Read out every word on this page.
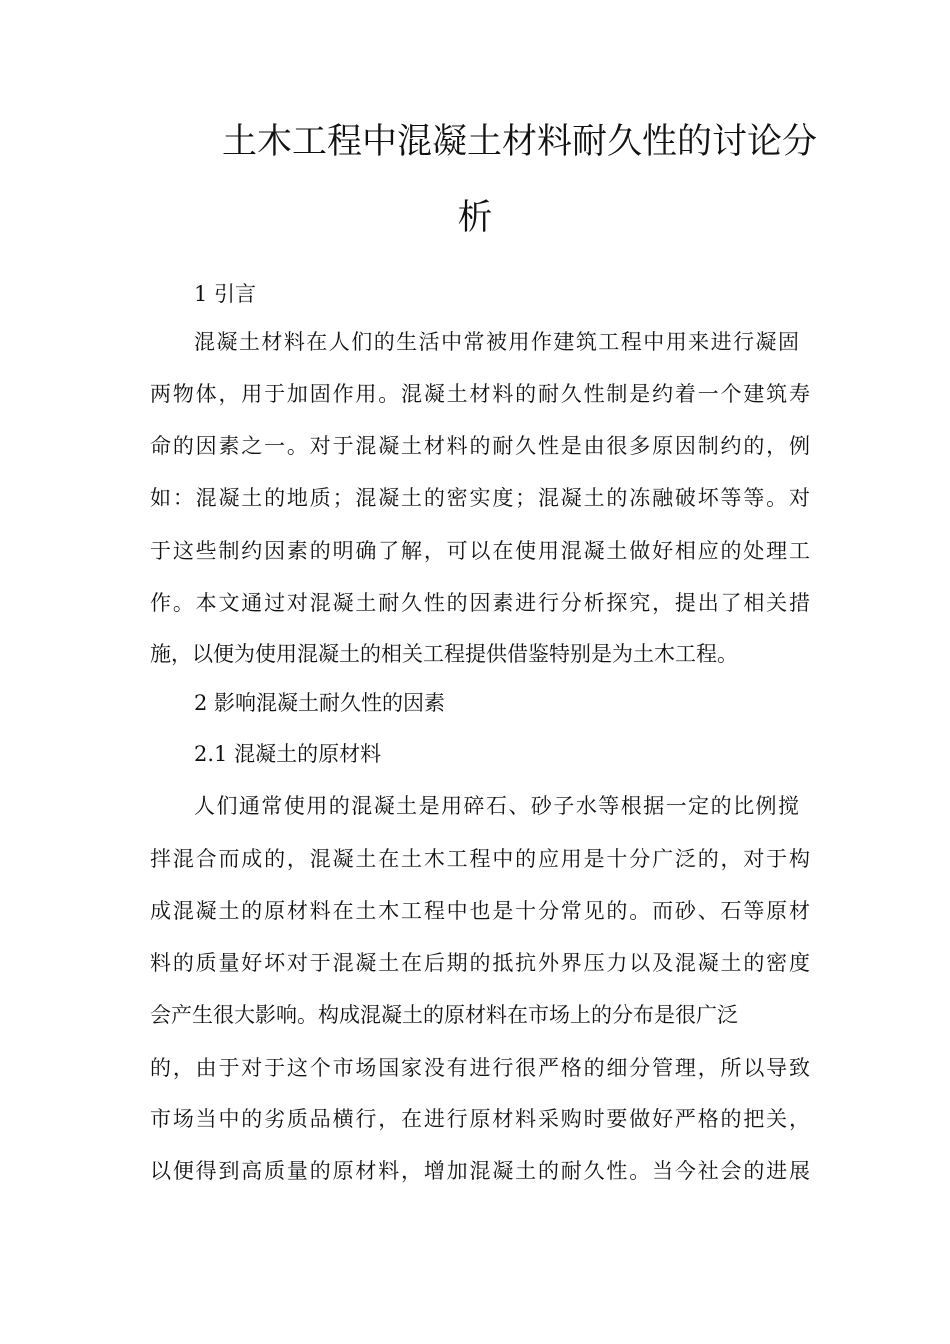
土木工程中混凝土材料耐久性的讨论分
析
1 引言
混凝土材料在人们的生活中常被用作建筑工程中用来进行凝固
两物体，用于加固作用。混凝土材料的耐久性制是约着一个建筑寿
命的因素之一。对于混凝土材料的耐久性是由很多原因制约的，例
如：混凝土的地质；混凝土的密实度；混凝土的冻融破坏等等。对
于这些制约因素的明确了解，可以在使用混凝土做好相应的处理工
作。本文通过对混凝土耐久性的因素进行分析探究，提出了相关措
施，以便为使用混凝土的相关工程提供借鉴特别是为土木工程。
2 影响混凝土耐久性的因素
2.1 混凝土的原材料
人们通常使用的混凝土是用碎石、砂子水等根据一定的比例搅
拌混合而成的，混凝土在土木工程中的应用是十分广泛的，对于构
成混凝土的原材料在土木工程中也是十分常见的。而砂、石等原材
料的质量好坏对于混凝土在后期的抵抗外界压力以及混凝土的密度
会产生很大影响。构成混凝土的原材料在市场上的分布是很广泛
的，由于对于这个市场国家没有进行很严格的细分管理，所以导致
市场当中的劣质品横行，在进行原材料采购时要做好严格的把关，
以便得到高质量的原材料，增加混凝土的耐久性。当今社会的进展
